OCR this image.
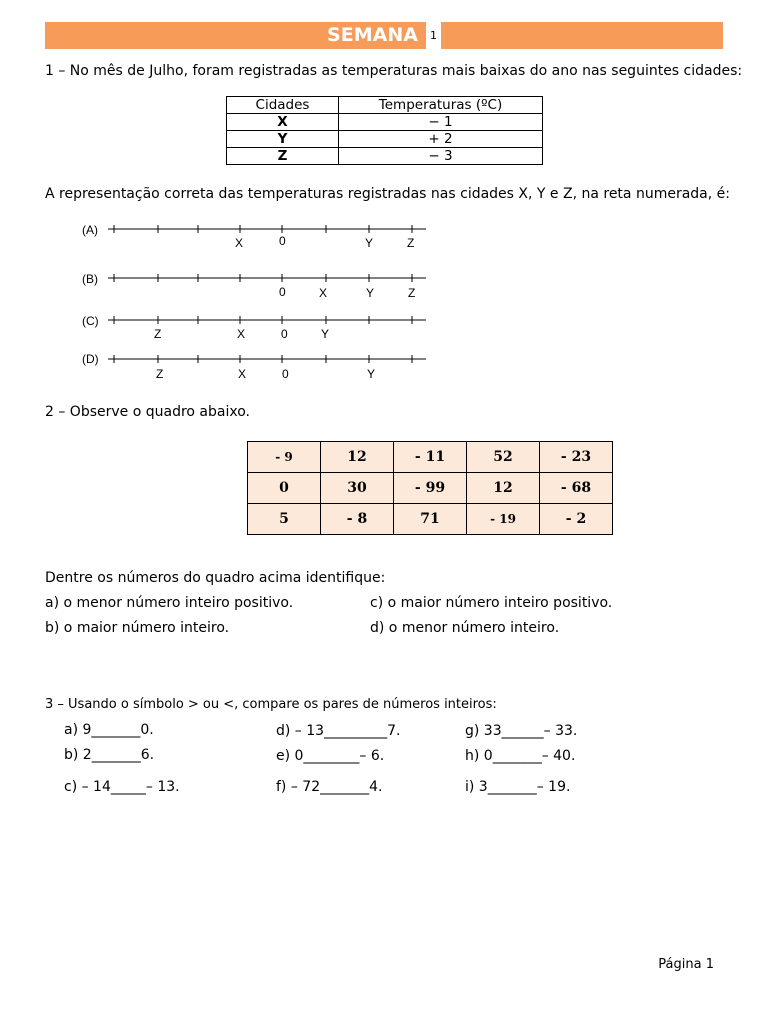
SEMANA 1
1 – No mês de Julho, foram registradas as temperaturas mais baixas do ano nas seguintes cidades:
Cidades	Temperaturas (ºC)
X	− 1
Y	+ 2
Z	− 3
A representação correta das temperaturas registradas nas cidades X, Y e Z, na reta numerada, é:
(A)
X	0	Y	Z
(B)
0	X	Y	Z
(C)
Z	X	0	Y
(D)
Z	X	0	Y
2 – Observe o quadro abaixo.
- 9	12	- 11	52	- 23
0	30	- 99	12	- 68
5	- 8	71	- 19	- 2
Dentre os números do quadro acima identifique:
a) o menor número inteiro positivo.
b) o maior número inteiro.
c) o maior número inteiro positivo.
d) o menor número inteiro.
3 – Usando o símbolo > ou <, compare os pares de números inteiros:
a) 9_______0.
b) 2_______6.
c) – 14_____– 13.
d) – 13_________7.
e) 0________– 6.
f) – 72_______4.
g) 33______– 33.
h) 0_______– 40.
i) 3_______– 19.
Página 1
